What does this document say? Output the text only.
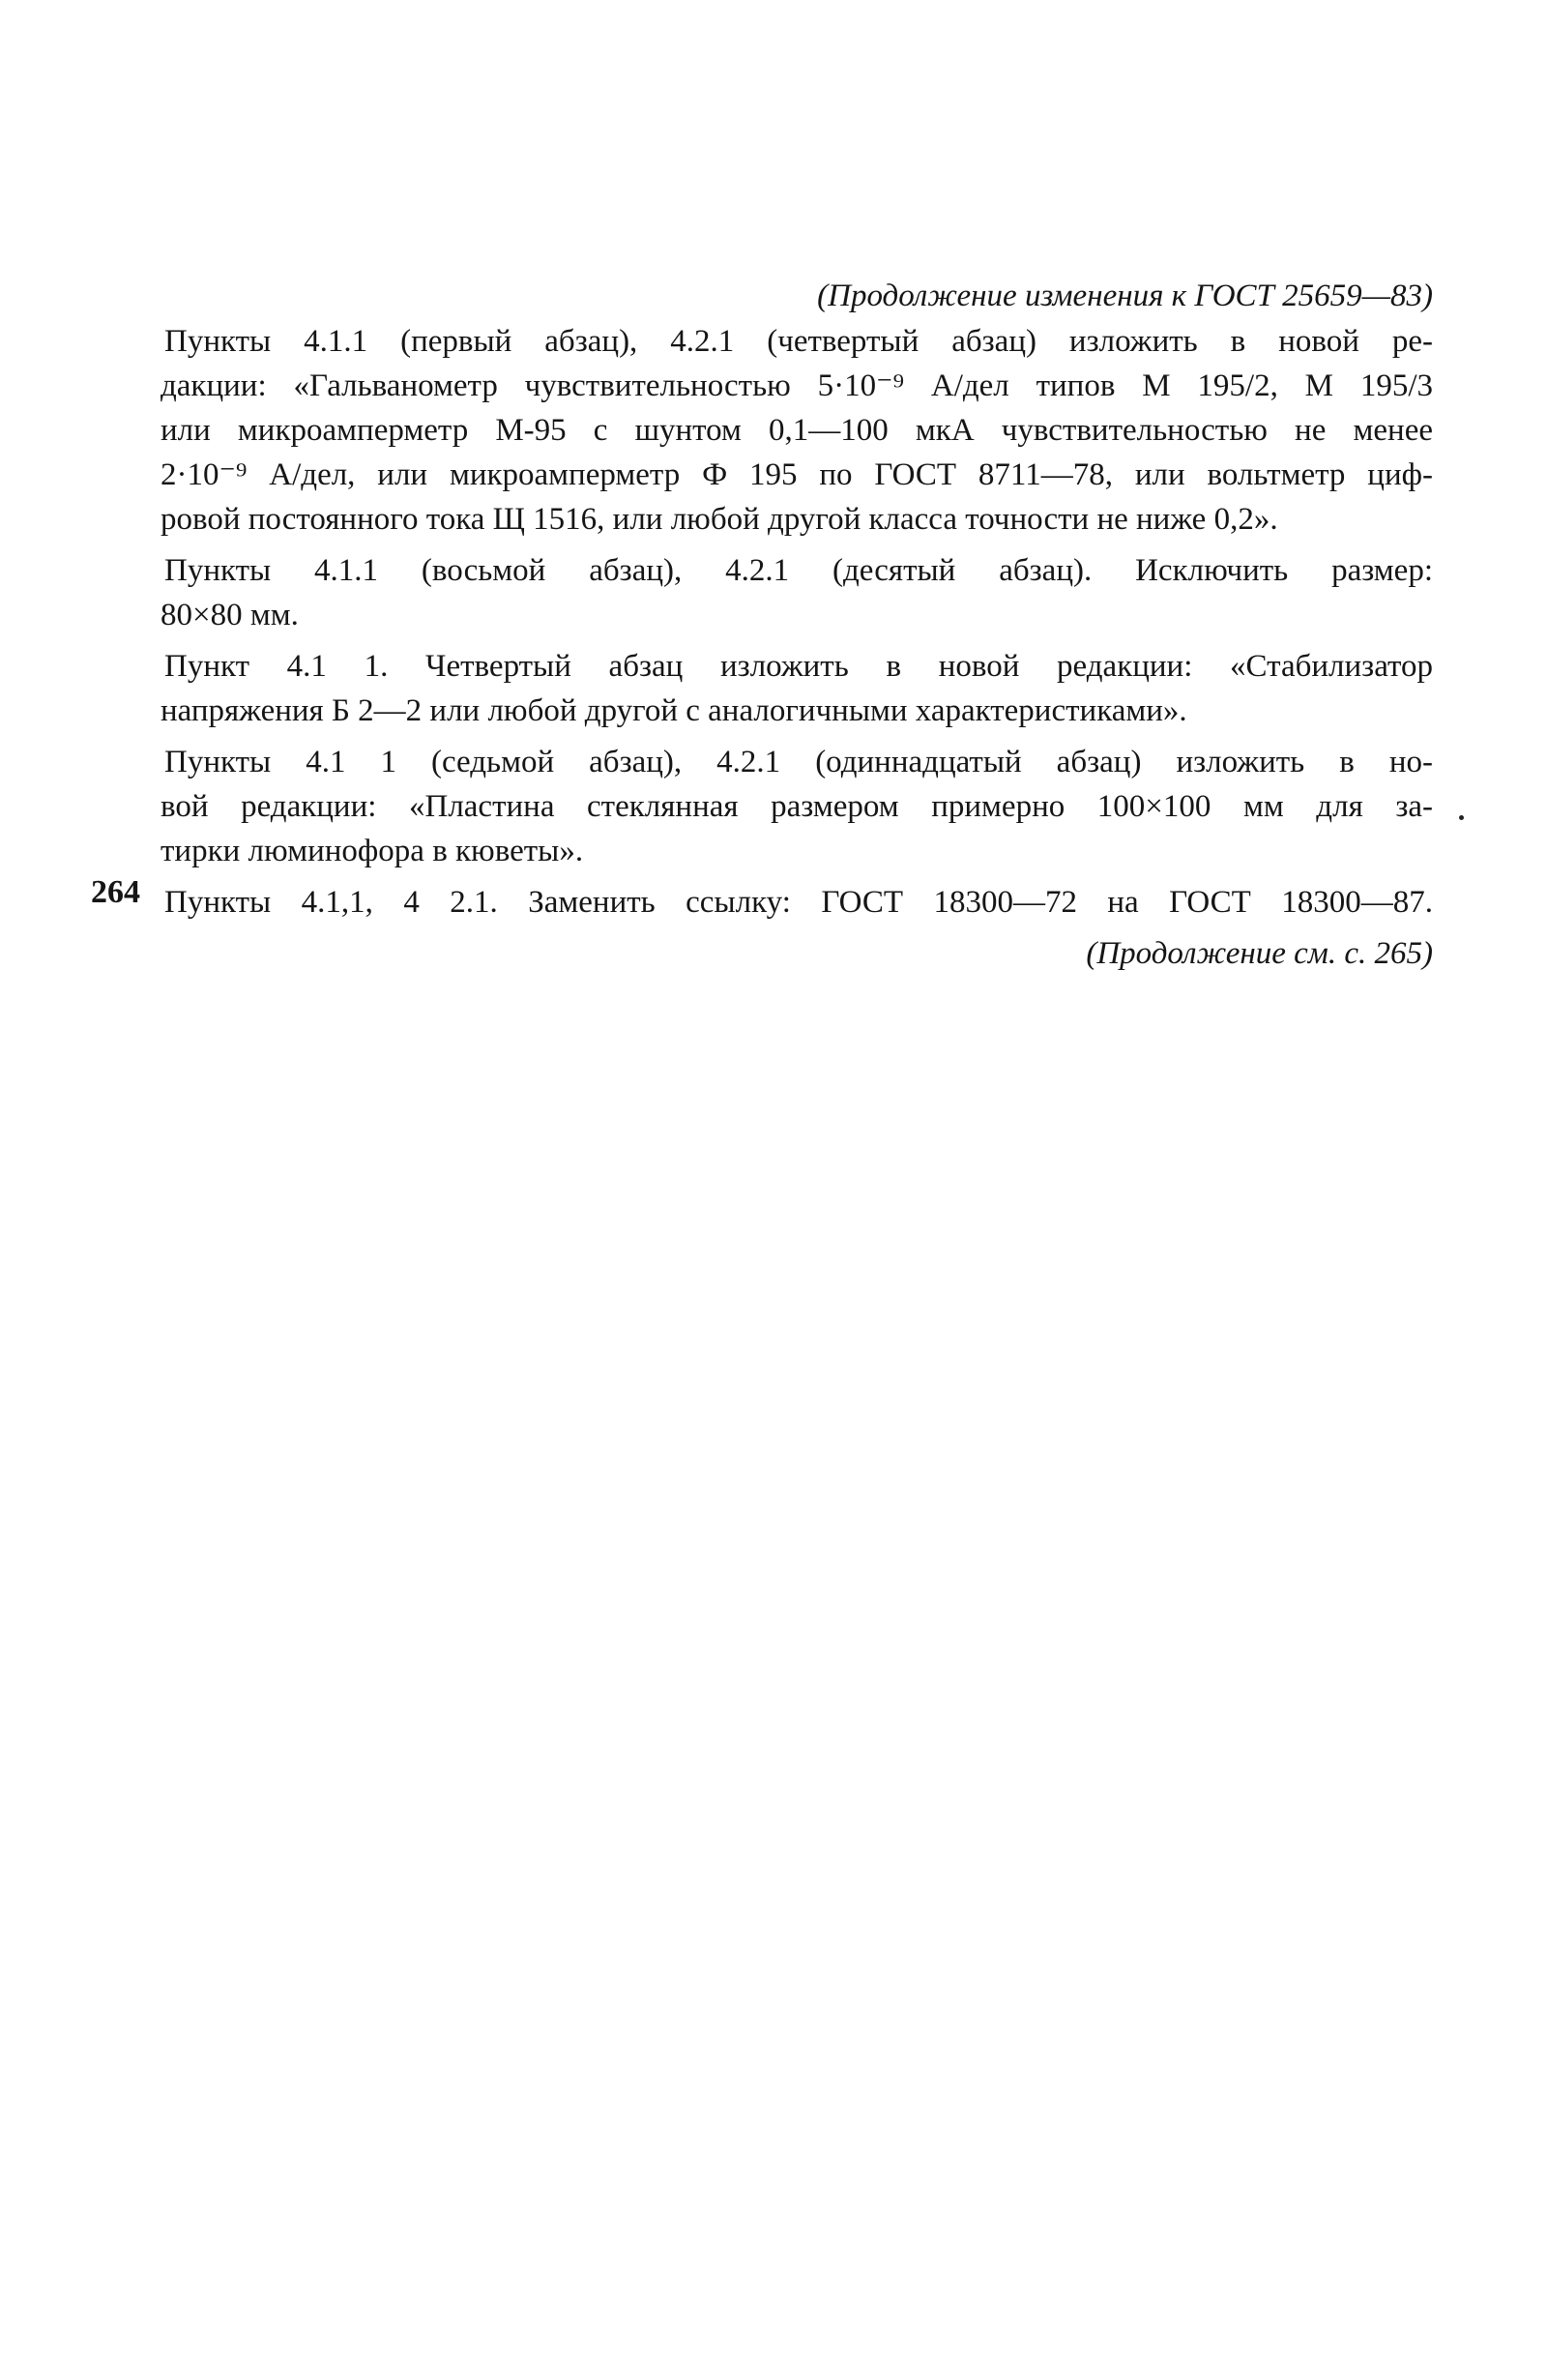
(Продолжение изменения к ГОСТ 25659—83)
Пункты 4.1.1 (первый абзац), 4.2.1 (четвертый абзац) изложить в новой ре-
дакции: «Гальванометр чувствительностью 5·10⁻⁹ А/дел типов М 195/2, М 195/3
или микроамперметр М-95 с шунтом 0,1—100 мкА чувствительностью не менее
2·10⁻⁹ А/дел, или микроамперметр Ф 195 по ГОСТ 8711—78, или вольтметр циф-
ровой постоянного тока Щ 1516, или любой другой класса точности не ниже 0,2».
Пункты 4.1.1 (восьмой абзац), 4.2.1 (десятый абзац). Исключить размер:
80×80 мм.
Пункт 4.1 1. Четвертый абзац изложить в новой редакции: «Стабилизатор
напряжения Б 2—2 или любой другой с аналогичными характеристиками».
Пункты 4.1 1 (седьмой абзац), 4.2.1 (одиннадцатый абзац) изложить в но-
вой редакции: «Пластина стеклянная размером примерно 100×100 мм для за-
тирки люминофора в кюветы».
Пункты 4.1,1, 4 2.1. Заменить ссылку: ГОСТ 18300—72 на ГОСТ 18300—87.
(Продолжение см. с. 265)
264
